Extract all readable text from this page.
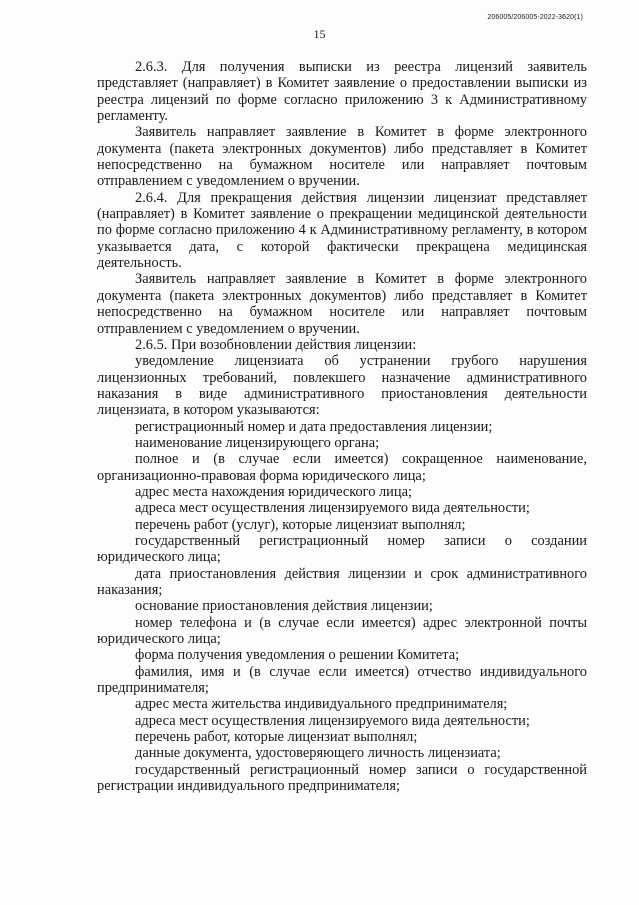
15
206005/206005-2022-3620(1)

2.6.3. Для получения выписки из реестра лицензий заявитель представляет (направляет) в Комитет заявление о предоставлении выписки из реестра лицензий по форме согласно приложению 3 к Административному регламенту.

Заявитель направляет заявление в Комитет в форме электронного документа (пакета электронных документов) либо представляет в Комитет непосредственно на бумажном носителе или направляет почтовым отправлением с уведомлением о вручении.

2.6.4. Для прекращения действия лицензии лицензиат представляет (направляет) в Комитет заявление о прекращении медицинской деятельности по форме согласно приложению 4 к Административному регламенту, в котором указывается дата, с которой фактически прекращена медицинская деятельность.

Заявитель направляет заявление в Комитет в форме электронного документа (пакета электронных документов) либо представляет в Комитет непосредственно на бумажном носителе или направляет почтовым отправлением с уведомлением о вручении.

2.6.5. При возобновлении действия лицензии:

уведомление лицензиата об устранении грубого нарушения лицензионных требований, повлекшего назначение административного наказания в виде административного приостановления деятельности лицензиата, в котором указываются:

регистрационный номер и дата предоставления лицензии;

наименование лицензирующего органа;

полное и (в случае если имеется) сокращенное наименование, организационно-правовая форма юридического лица;

адрес места нахождения юридического лица;

адреса мест осуществления лицензируемого вида деятельности;

перечень работ (услуг), которые лицензиат выполнял;

государственный регистрационный номер записи о создании юридического лица;

дата приостановления действия лицензии и срок административного наказания;

основание приостановления действия лицензии;

номер телефона и (в случае если имеется) адрес электронной почты юридического лица;

форма получения уведомления о решении Комитета;

фамилия, имя и (в случае если имеется) отчество индивидуального предпринимателя;

адрес места жительства индивидуального предпринимателя;

адреса мест осуществления лицензируемого вида деятельности;

перечень работ, которые лицензиат выполнял;

данные документа, удостоверяющего личность лицензиата;

государственный регистрационный номер записи о государственной регистрации индивидуального предпринимателя;
